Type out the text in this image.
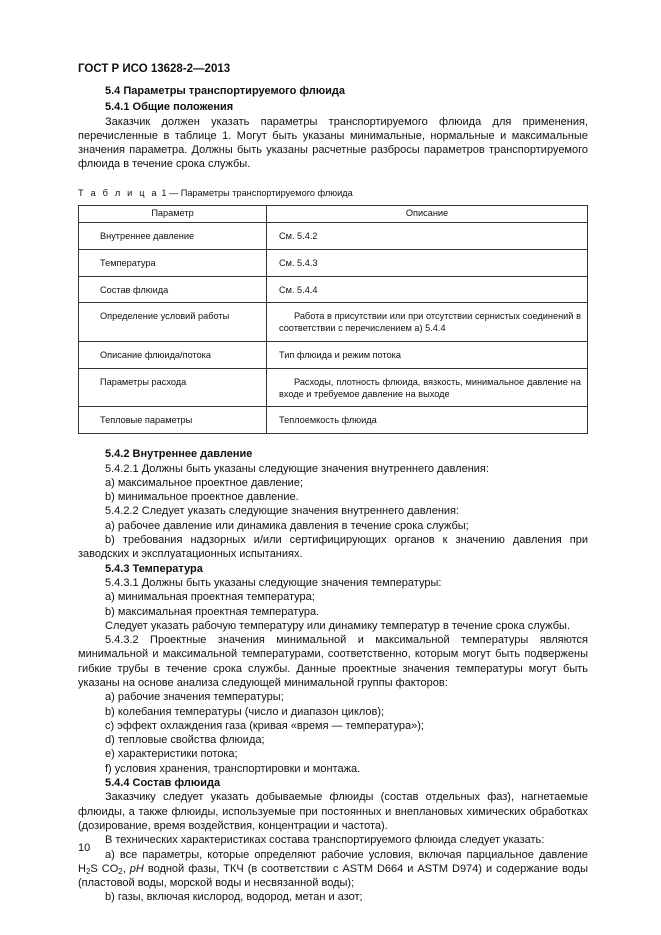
ГОСТ Р ИСО 13628-2—2013
5.4 Параметры транспортируемого флюида
5.4.1 Общие положения
Заказчик должен указать параметры транспортируемого флюида для применения, перечисленные в таблице 1. Могут быть указаны минимальные, нормальные и максимальные значения параметра. Должны быть указаны расчетные разбросы параметров транспортируемого флюида в течение срока службы.
Т а б л и ц а 1 — Параметры транспортируемого флюида
Параметр	Описание
Внутреннее давление	См. 5.4.2
Температура	См. 5.4.3
Состав флюида	См. 5.4.4
Определение условий работы	Работа в присутствии или при отсутствии сернистых соединений в соответствии с перечислением а) 5.4.4
Описание флюида/потока	Тип флюида и режим потока
Параметры расхода	Расходы, плотность флюида, вязкость, минимальное давление на входе и требуемое давление на выходе
Тепловые параметры	Теплоемкость флюида
5.4.2 Внутреннее давление
5.4.2.1 Должны быть указаны следующие значения внутреннего давления:
a) максимальное проектное давление;
b) минимальное проектное давление.
5.4.2.2 Следует указать следующие значения внутреннего давления:
a) рабочее давление или динамика давления в течение срока службы;
b) требования надзорных и/или сертифицирующих органов к значению давления при заводских и эксплуатационных испытаниях.
5.4.3 Температура
5.4.3.1 Должны быть указаны следующие значения температуры:
a) минимальная проектная температура;
b) максимальная проектная температура.
Следует указать рабочую температуру или динамику температур в течение срока службы.
5.4.3.2 Проектные значения минимальной и максимальной температуры являются минимальной и максимальной температурами, соответственно, которым могут быть подвержены гибкие трубы в течение срока службы. Данные проектные значения температуры могут быть указаны на основе анализа следующей минимальной группы факторов:
a) рабочие значения температуры;
b) колебания температуры (число и диапазон циклов);
c) эффект охлаждения газа (кривая «время — температура»);
d) тепловые свойства флюида;
e) характеристики потока;
f) условия хранения, транспортировки и монтажа.
5.4.4 Состав флюида
Заказчику следует указать добываемые флюиды (состав отдельных фаз), нагнетаемые флюиды, а также флюиды, используемые при постоянных и внеплановых химических обработках (дозирование, время воздействия, концентрации и частота).
В технических характеристиках состава транспортируемого флюида следует указать:
a) все параметры, которые определяют рабочие условия, включая парциальное давление $H_2S$ $CO_2$, pH водной фазы, ТКЧ (в соответствии с ASTM D664 и ASTM D974) и содержание воды (пластовой воды, морской воды и несвязанной воды);
b) газы, включая кислород, водород, метан и азот;
10
